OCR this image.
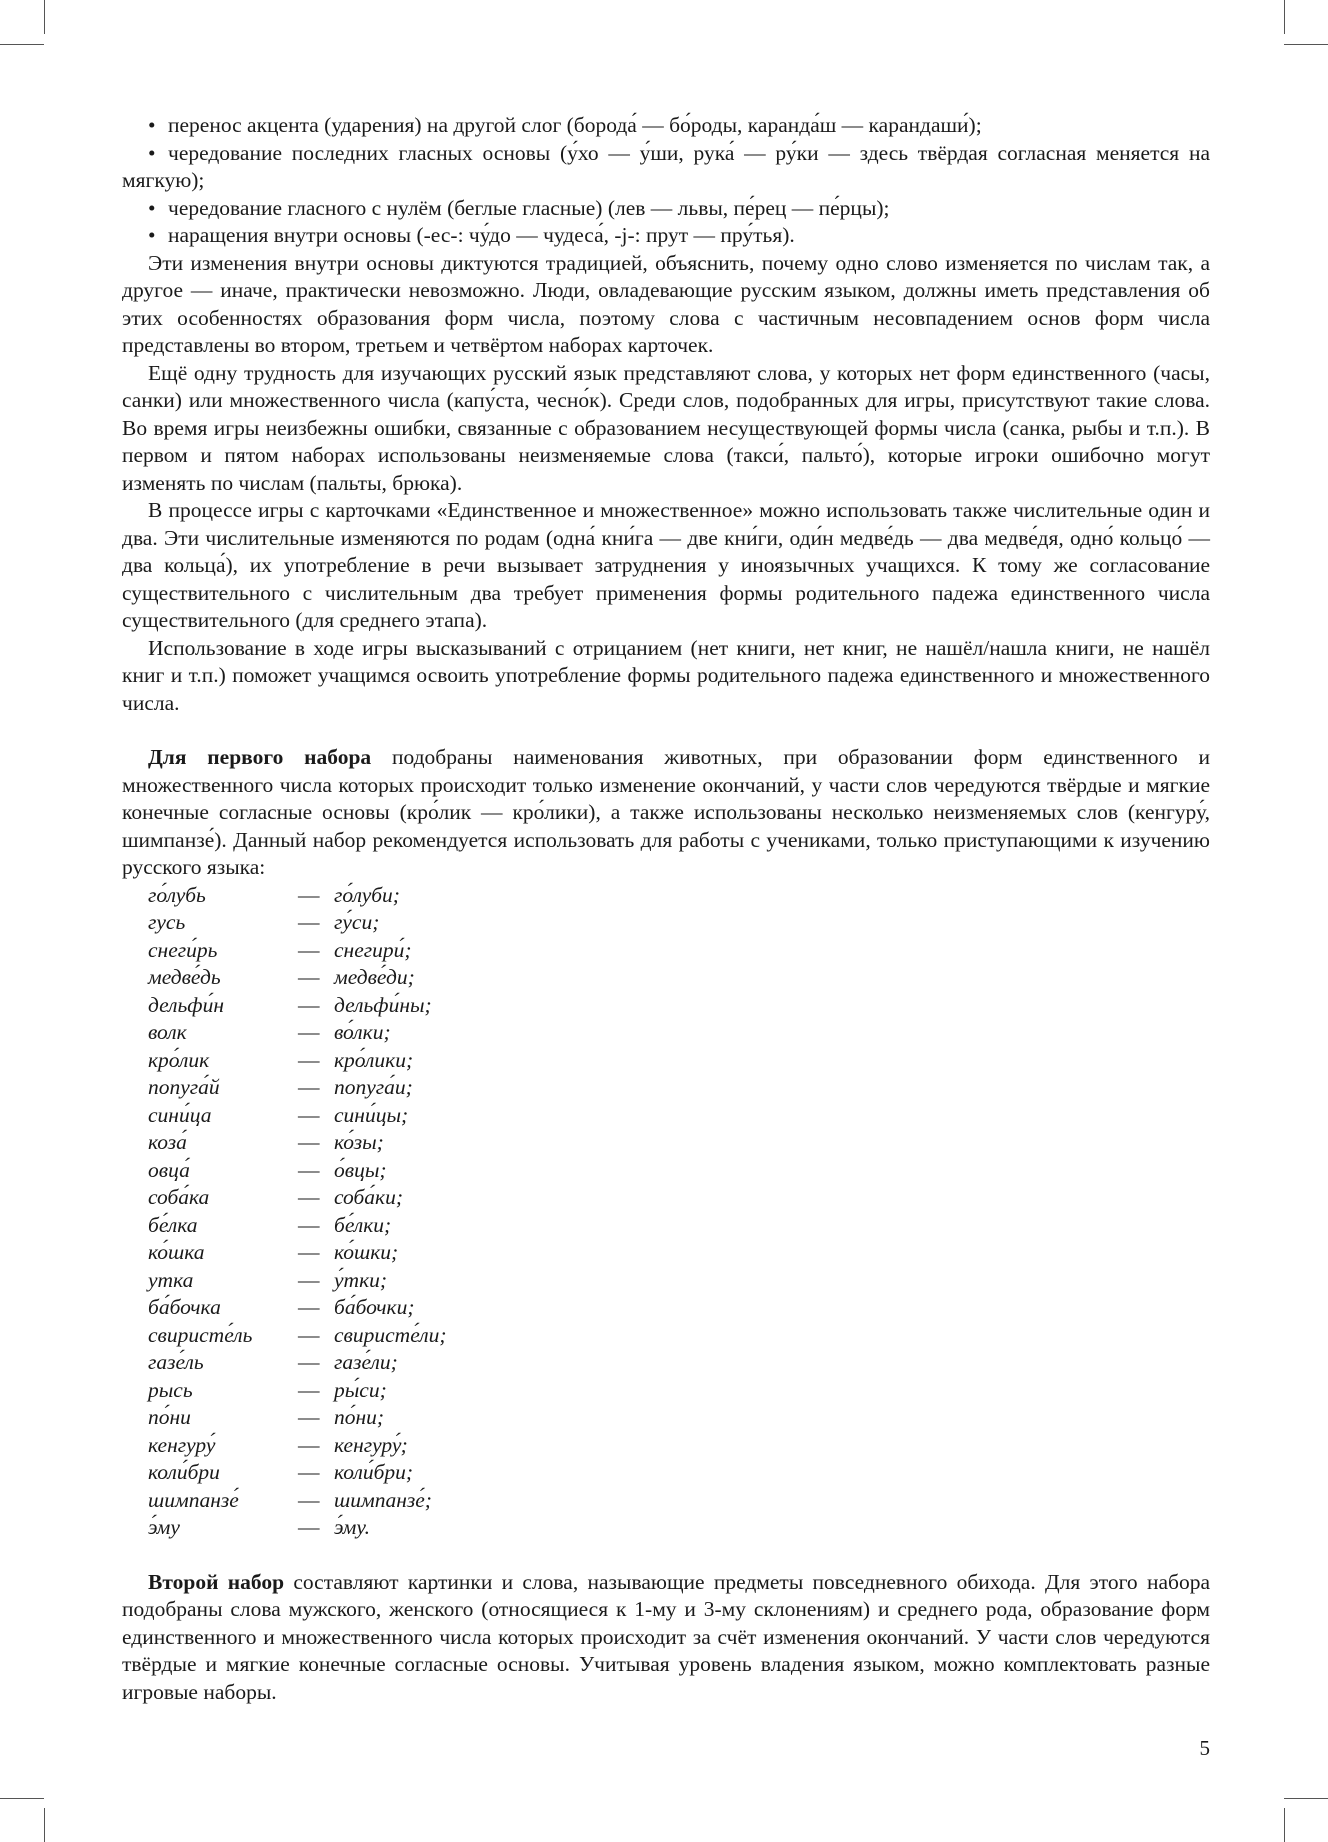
• перенос акцента (ударения) на другой слог (борода́ — бо́роды, каранда́ш — карандаши́);

• чередование последних гласных основы (у́хо — у́ши, рука́ — ру́ки — здесь твёрдая согласная меняется на мягкую);

• чередование гласного с нулём (беглые гласные) (лев — львы, пе́рец — пе́рцы);

• наращения внутри основы (-ес-: чу́до — чудеса́, -j-: прут — пру́тья).

Эти изменения внутри основы диктуются традицией, объяснить, почему одно слово изменяется по числам так, а другое — иначе, практически невозможно. Люди, овладевающие русским языком, должны иметь представления об этих особенностях образования форм числа, поэтому слова с частичным несовпадением основ форм числа представлены во втором, третьем и четвёртом наборах карточек.

Ещё одну трудность для изучающих русский язык представляют слова, у которых нет форм единственного (часы, санки) или множественного числа (капу́ста, чесно́к). Среди слов, подобранных для игры, присутствуют такие слова. Во время игры неизбежны ошибки, связанные с образованием несуществующей формы числа (санка, рыбы и т.п.). В первом и пятом наборах использованы неизменяемые слова (такси́, пальто́), которые игроки ошибочно могут изменять по числам (пальты, брюка).

В процессе игры с карточками «Единственное и множественное» можно использовать также числительные один и два. Эти числительные изменяются по родам (одна́ кни́га — две кни́ги, оди́н медве́дь — два медве́дя, одно́ кольцо́ — два кольца́), их употребление в речи вызывает затруднения у иноязычных учащихся. К тому же согласование существительного с числительным два требует применения формы родительного падежа единственного числа существительного (для среднего этапа).

Использование в ходе игры высказываний с отрицанием (нет книги, нет книг, не нашёл/нашла книги, не нашёл книг и т.п.) поможет учащимся освоить употребление формы родительного падежа единственного и множественного числа.

Для первого набора подобраны наименования животных, при образовании форм единственного и множественного числа которых происходит только изменение окончаний, у части слов чередуются твёрдые и мягкие конечные согласные основы (кро́лик — кро́лики), а также использованы несколько неизменяемых слов (кенгуру́, шимпанзе́). Данный набор рекомендуется использовать для работы с учениками, только приступающими к изучению русского языка:

го́лубь	— го́луби;
гусь	— гу́си;
снеги́рь	— снегири́;
медве́дь	— медве́ди;
дельфи́н	— дельфи́ны;
волк	— во́лки;
кро́лик	— кро́лики;
попуга́й	— попуга́и;
сини́ца	— сини́цы;
коза́	— ко́зы;
овца́	— о́вцы;
соба́ка	— соба́ки;
бе́лка	— бе́лки;
ко́шка	— ко́шки;
утка	— у́тки;
ба́бочка	— ба́бочки;
свиристе́ль	— свиристе́ли;
газе́ль	— газе́ли;
рысь	— ры́си;
по́ни	— по́ни;
кенгуру́	— кенгуру́;
коли́бри	— коли́бри;
шимпанзе́	— шимпанзе́;
э́му	— э́му.

Второй набор составляют картинки и слова, называющие предметы повседневного обихода. Для этого набора подобраны слова мужского, женского (относящиеся к 1-му и 3-му склонениям) и среднего рода, образование форм единственного и множественного числа которых происходит за счёт изменения окончаний. У части слов чередуются твёрдые и мягкие конечные согласные основы. Учитывая уровень владения языком, можно комплектовать разные игровые наборы.

5
